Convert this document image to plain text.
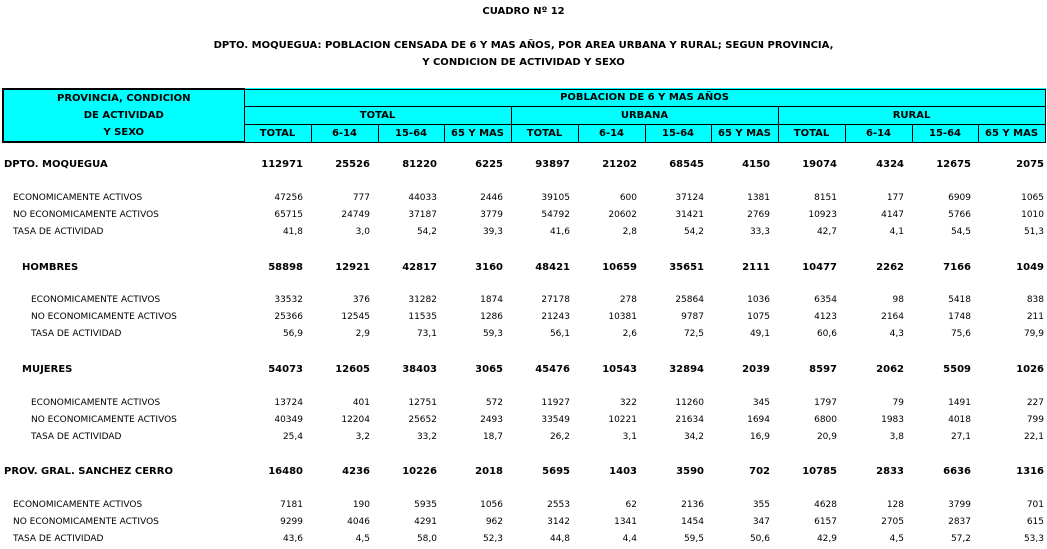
CUADRO Nº 12
DPTO. MOQUEGUA: POBLACION CENSADA DE 6 Y MAS AÑOS, POR AREA URBANA Y RURAL; SEGUN PROVINCIA,
Y CONDICION DE ACTIVIDAD Y SEXO
PROVINCIA, CONDICION
DE ACTIVIDAD
Y SEXO	POBLACION DE 6 Y MAS AÑOS											
	TOTAL				URBANA				RURAL			
	TOTAL	6-14	15-64	65 Y MAS	TOTAL	6-14	15-64	65 Y MAS	TOTAL	6-14	15-64	65 Y MAS
DPTO. MOQUEGUA	112971	25526	81220	6225	93897	21202	68545	4150	19074	4324	12675	2075
ECONOMICAMENTE ACTIVOS	47256	777	44033	2446	39105	600	37124	1381	8151	177	6909	1065
NO ECONOMICAMENTE ACTIVOS	65715	24749	37187	3779	54792	20602	31421	2769	10923	4147	5766	1010
TASA DE ACTIVIDAD	41,8	3,0	54,2	39,3	41,6	2,8	54,2	33,3	42,7	4,1	54,5	51,3
HOMBRES	58898	12921	42817	3160	48421	10659	35651	2111	10477	2262	7166	1049
ECONOMICAMENTE ACTIVOS	33532	376	31282	1874	27178	278	25864	1036	6354	98	5418	838
NO ECONOMICAMENTE ACTIVOS	25366	12545	11535	1286	21243	10381	9787	1075	4123	2164	1748	211
TASA DE ACTIVIDAD	56,9	2,9	73,1	59,3	56,1	2,6	72,5	49,1	60,6	4,3	75,6	79,9
MUJERES	54073	12605	38403	3065	45476	10543	32894	2039	8597	2062	5509	1026
ECONOMICAMENTE ACTIVOS	13724	401	12751	572	11927	322	11260	345	1797	79	1491	227
NO ECONOMICAMENTE ACTIVOS	40349	12204	25652	2493	33549	10221	21634	1694	6800	1983	4018	799
TASA DE ACTIVIDAD	25,4	3,2	33,2	18,7	26,2	3,1	34,2	16,9	20,9	3,8	27,1	22,1
PROV. GRAL. SANCHEZ CERRO	16480	4236	10226	2018	5695	1403	3590	702	10785	2833	6636	1316
ECONOMICAMENTE ACTIVOS	7181	190	5935	1056	2553	62	2136	355	4628	128	3799	701
NO ECONOMICAMENTE ACTIVOS	9299	4046	4291	962	3142	1341	1454	347	6157	2705	2837	615
TASA DE ACTIVIDAD	43,6	4,5	58,0	52,3	44,8	4,4	59,5	50,6	42,9	4,5	57,2	53,3
